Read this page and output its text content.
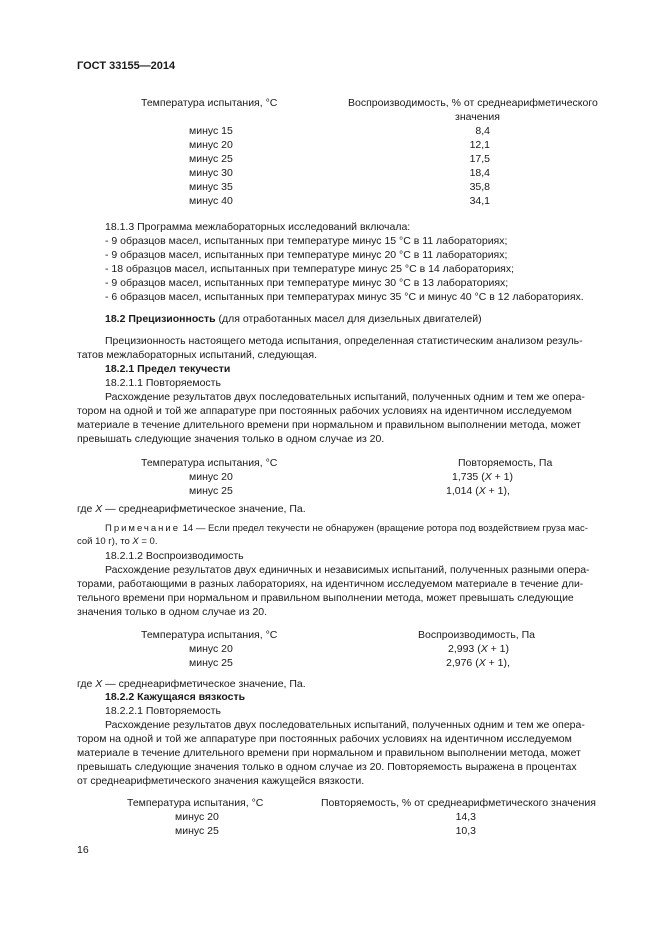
ГОСТ 33155—2014
Температура испытания, °С	Воспроизводимость, % от среднеарифметического
значения
минус 15	8,4
минус 20	12,1
минус 25	17,5
минус 30	18,4
минус 35	35,8
минус 40	34,1
18.1.3 Программа межлабораторных исследований включала:
- 9 образцов масел, испытанных при температуре минус 15 °С в 11 лабораториях;
- 9 образцов масел, испытанных при температуре минус 20 °С в 11 лабораториях;
- 18 образцов масел, испытанных при температуре минус 25 °С в 14 лабораториях;
- 9 образцов масел, испытанных при температуре минус 30 °С в 13 лабораториях;
- 6 образцов масел, испытанных при температурах минус 35 °С и минус 40 °С в 12 лабораториях.
18.2 Прецизионность (для отработанных масел для дизельных двигателей)
Прецизионность настоящего метода испытания, определенная статистическим анализом резуль-
татов межлабораторных испытаний, следующая.
18.2.1 Предел текучести
18.2.1.1 Повторяемость
Расхождение результатов двух последовательных испытаний, полученных одним и тем же опера-
тором на одной и той же аппаратуре при постоянных рабочих условиях на идентичном исследуемом
материале в течение длительного времени при нормальном и правильном выполнении метода, может
превышать следующие значения только в одном случае из 20.
Температура испытания, °С	Повторяемость, Па
минус 20	1,735 (X + 1)
минус 25	1,014 (X + 1),
где X — среднеарифметическое значение, Па.
Примечание 14 — Если предел текучести не обнаружен (вращение ротора под воздействием груза мас-
сой 10 г), то X = 0.
18.2.1.2 Воспроизводимость
Расхождение результатов двух единичных и независимых испытаний, полученных разными опера-
торами, работающими в разных лабораториях, на идентичном исследуемом материале в течение дли-
тельного времени при нормальном и правильном выполнении метода, может превышать следующие
значения только в одном случае из 20.
Температура испытания, °С	Воспроизводимость, Па
минус 20	2,993 (X + 1)
минус 25	2,976 (X + 1),
где X — среднеарифметическое значение, Па.
18.2.2 Кажущаяся вязкость
18.2.2.1 Повторяемость
Расхождение результатов двух последовательных испытаний, полученных одним и тем же опера-
тором на одной и той же аппаратуре при постоянных рабочих условиях на идентичном исследуемом
материале в течение длительного времени при нормальном и правильном выполнении метода, может
превышать следующие значения только в одном случае из 20. Повторяемость выражена в процентах
от среднеарифметического значения кажущейся вязкости.
Температура испытания, °С	Повторяемость, % от среднеарифметического значения
минус 20	14,3
минус 25	10,3
16
